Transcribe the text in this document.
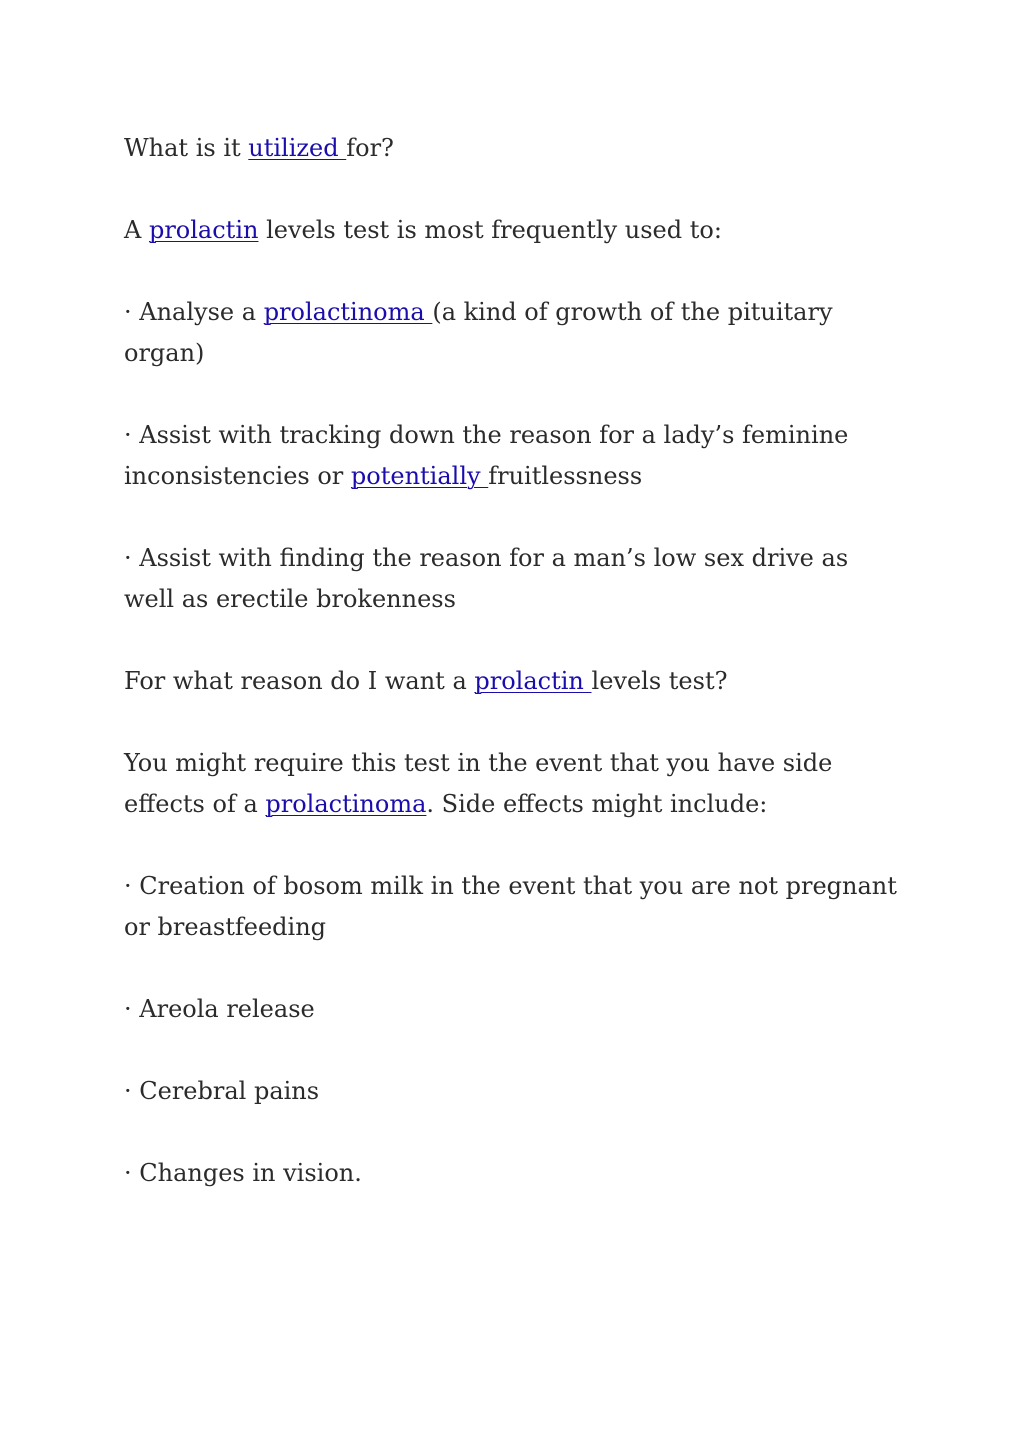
What is it utilized for?

A prolactin levels test is most frequently used to:

· Analyse a prolactinoma (a kind of growth of the pituitary organ)

· Assist with tracking down the reason for a lady’s feminine inconsistencies or potentially fruitlessness

· Assist with finding the reason for a man’s low sex drive as well as erectile brokenness

For what reason do I want a prolactin levels test?

You might require this test in the event that you have side effects of a prolactinoma. Side effects might include:

· Creation of bosom milk in the event that you are not pregnant or breastfeeding

· Areola release

· Cerebral pains

· Changes in vision.
